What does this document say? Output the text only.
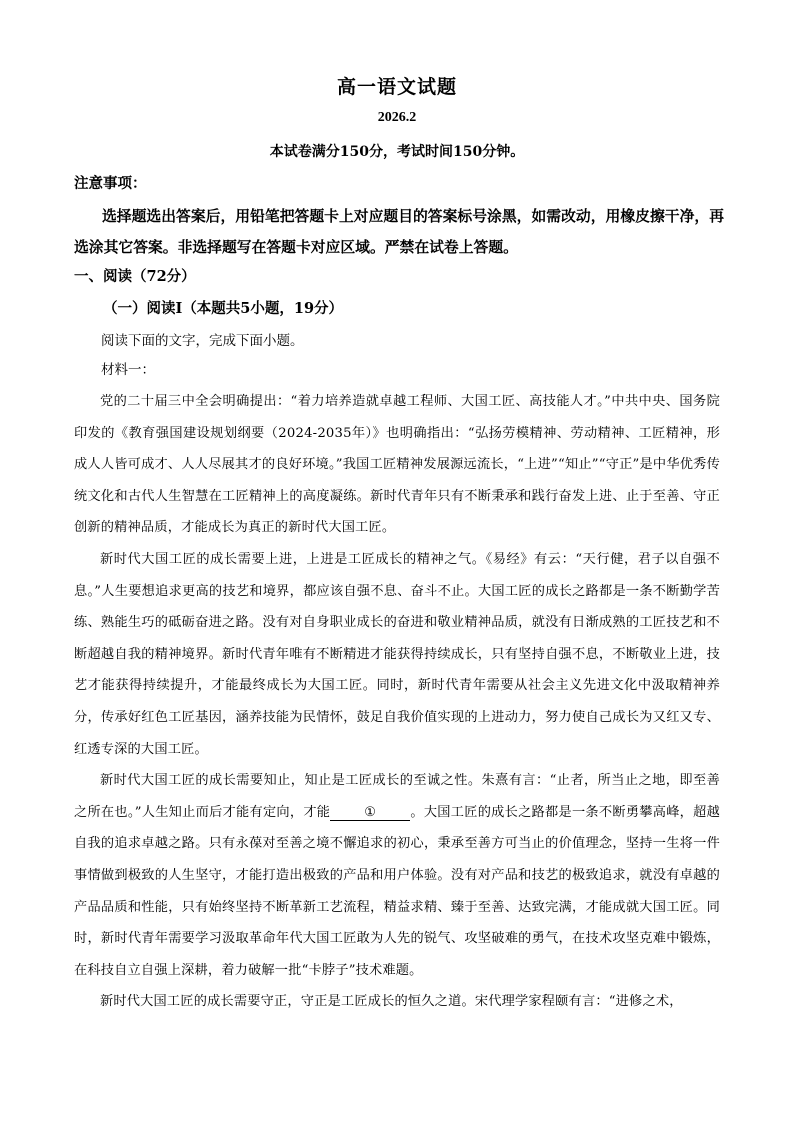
高一语文试题
2026.2
本试卷满分150分，考试时间150分钟。
注意事项：
选择题选出答案后，用铅笔把答题卡上对应题目的答案标号涂黑，如需改动，用橡皮擦干净，再选涂其它答案。非选择题写在答题卡对应区域。严禁在试卷上答题。
一、阅读（72分）
（一）阅读I（本题共5小题，19分）
阅读下面的文字，完成下面小题。
材料一：

党的二十届三中全会明确提出：“着力培养造就卓越工程师、大国工匠、高技能人才。”中共中央、国务院印发的《教育强国建设规划纲要（2024-2035年）》也明确指出：“弘扬劳模精神、劳动精神、工匠精神，形成人人皆可成才、人人尽展其才的良好环境。”我国工匠精神发展源远流长，“上进”“知止”“守正”是中华优秀传统文化和古代人生智慧在工匠精神上的高度凝练。新时代青年只有不断秉承和践行奋发上进、止于至善、守正创新的精神品质，才能成长为真正的新时代大国工匠。

新时代大国工匠的成长需要上进，上进是工匠成长的精神之气。《易经》有云：“天行健，君子以自强不息。”人生要想追求更高的技艺和境界，都应该自强不息、奋斗不止。大国工匠的成长之路都是一条不断勤学苦练、熟能生巧的砥砺奋进之路。没有对自身职业成长的奋进和敬业精神品质，就没有日渐成熟的工匠技艺和不断超越自我的精神境界。新时代青年唯有不断精进才能获得持续成长，只有坚持自强不息，不断敬业上进，技艺才能获得持续提升，才能最终成长为大国工匠。同时，新时代青年需要从社会主义先进文化中汲取精神养分，传承好红色工匠基因，涵养技能为民情怀，鼓足自我价值实现的上进动力，努力使自己成长为又红又专、红透专深的大国工匠。

新时代大国工匠的成长需要知止，知止是工匠成长的至诚之性。朱熹有言：“止者，所当止之地，即至善之所在也。”人生知止而后才能有定向，才能	①	。大国工匠的成长之路都是一条不断勇攀高峰，超越自我的追求卓越之路。只有永葆对至善之境不懈追求的初心，秉承至善方可当止的价值理念，坚持一生将一件事情做到极致的人生坚守，才能打造出极致的产品和用户体验。没有对产品和技艺的极致追求，就没有卓越的产品品质和性能，只有始终坚持不断革新工艺流程，精益求精、臻于至善、达致完满，才能成就大国工匠。同时，新时代青年需要学习汲取革命年代大国工匠敢为人先的锐气、攻坚破难的勇气，在技术攻坚克难中锻炼，在科技自立自强上深耕，着力破解一批“卡脖子”技术难题。

新时代大国工匠的成长需要守正，守正是工匠成长的恒久之道。宋代理学家程颐有言：“进修之术，
